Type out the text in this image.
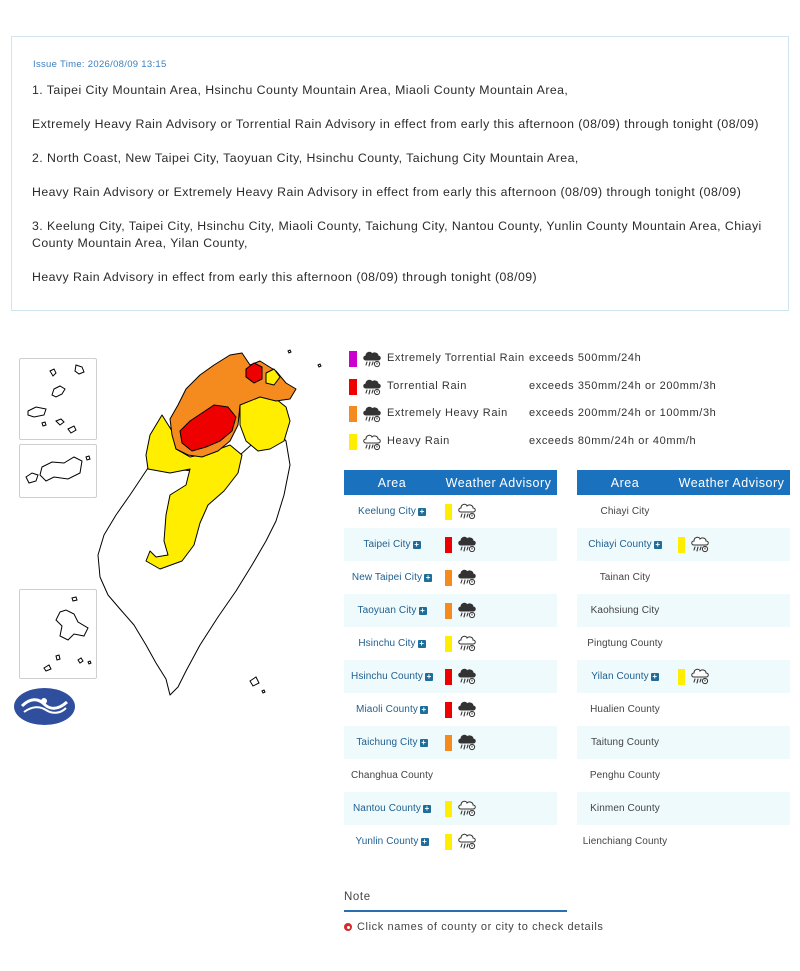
Issue Time: 2026/08/09 13:15

1. Taipei City Mountain Area, Hsinchu County Mountain Area, Miaoli County Mountain Area,

Extremely Heavy Rain Advisory or Torrential Rain Advisory in effect from early this afternoon (08/09) through tonight (08/09)

2. North Coast, New Taipei City, Taoyuan City, Hsinchu County, Taichung City Mountain Area,

Heavy Rain Advisory or Extremely Heavy Rain Advisory in effect from early this afternoon (08/09) through tonight (08/09)

3. Keelung City, Taipei City, Hsinchu City, Miaoli County, Taichung City, Nantou County, Yunlin County Mountain Area, Chiayi County Mountain Area, Yilan County,

Heavy Rain Advisory in effect from early this afternoon (08/09) through tonight (08/09)

Extremely Torrential Rain exceeds 500mm/24h
Torrential Rain	exceeds 350mm/24h or 200mm/3h
Extremely Heavy Rain exceeds 200mm/24h or 100mm/3h
Heavy Rain	exceeds 80mm/24h or 40mm/h
Area	Weather Advisory
Keelung City +
Taipei City +
New Taipei City +
Taoyuan City +
Hsinchu City +
Hsinchu County +
Miaoli County +
Taichung City +
Changhua County
Nantou County +
Yunlin County +
Area	Weather Advisory
Chiayi City
Chiayi County +
Tainan City
Kaohsiung City
Pingtung County
Yilan County +
Hualien County
Taitung County
Penghu County
Kinmen County
Lienchiang County
Note
Click names of county or city to check details
